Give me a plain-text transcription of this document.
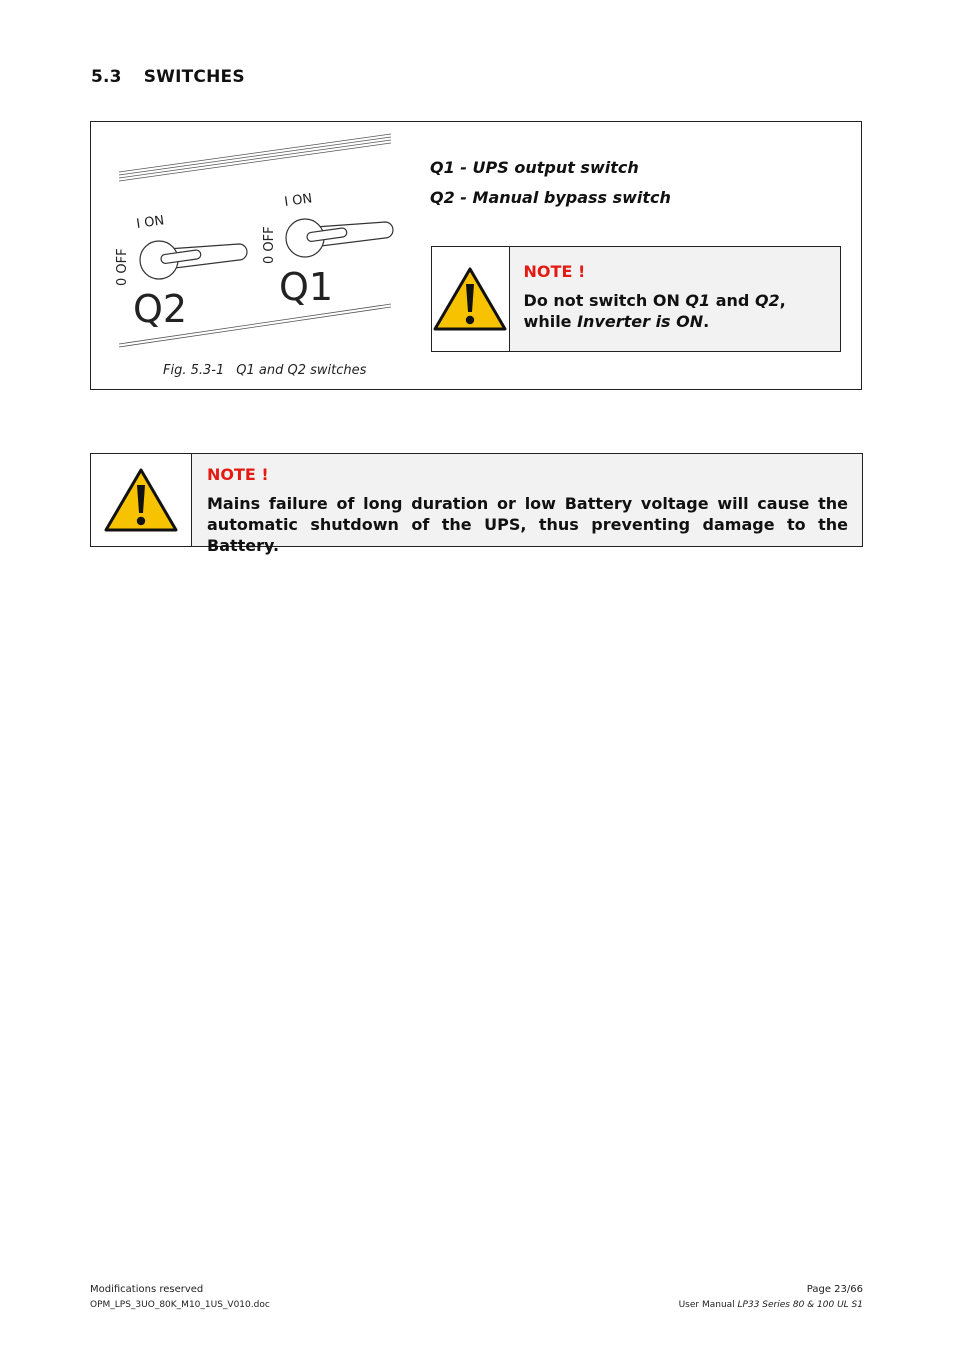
5.3 SWITCHES
I ON
0 OFF
I ON
0 OFF
Q2 Q1
Fig. 5.3-1 Q1 and Q2 switches
Q1 - UPS output switch
Q2 - Manual bypass switch
NOTE !
Do not switch ON Q1 and Q2, while Inverter is ON.
NOTE !
Mains failure of long duration or low Battery voltage will cause the automatic shutdown of the UPS, thus preventing damage to the Battery.
Modifications reserved
OPM_LPS_3UO_80K_M10_1US_V010.doc
Page 23/66
User Manual LP33 Series 80 & 100 UL S1
